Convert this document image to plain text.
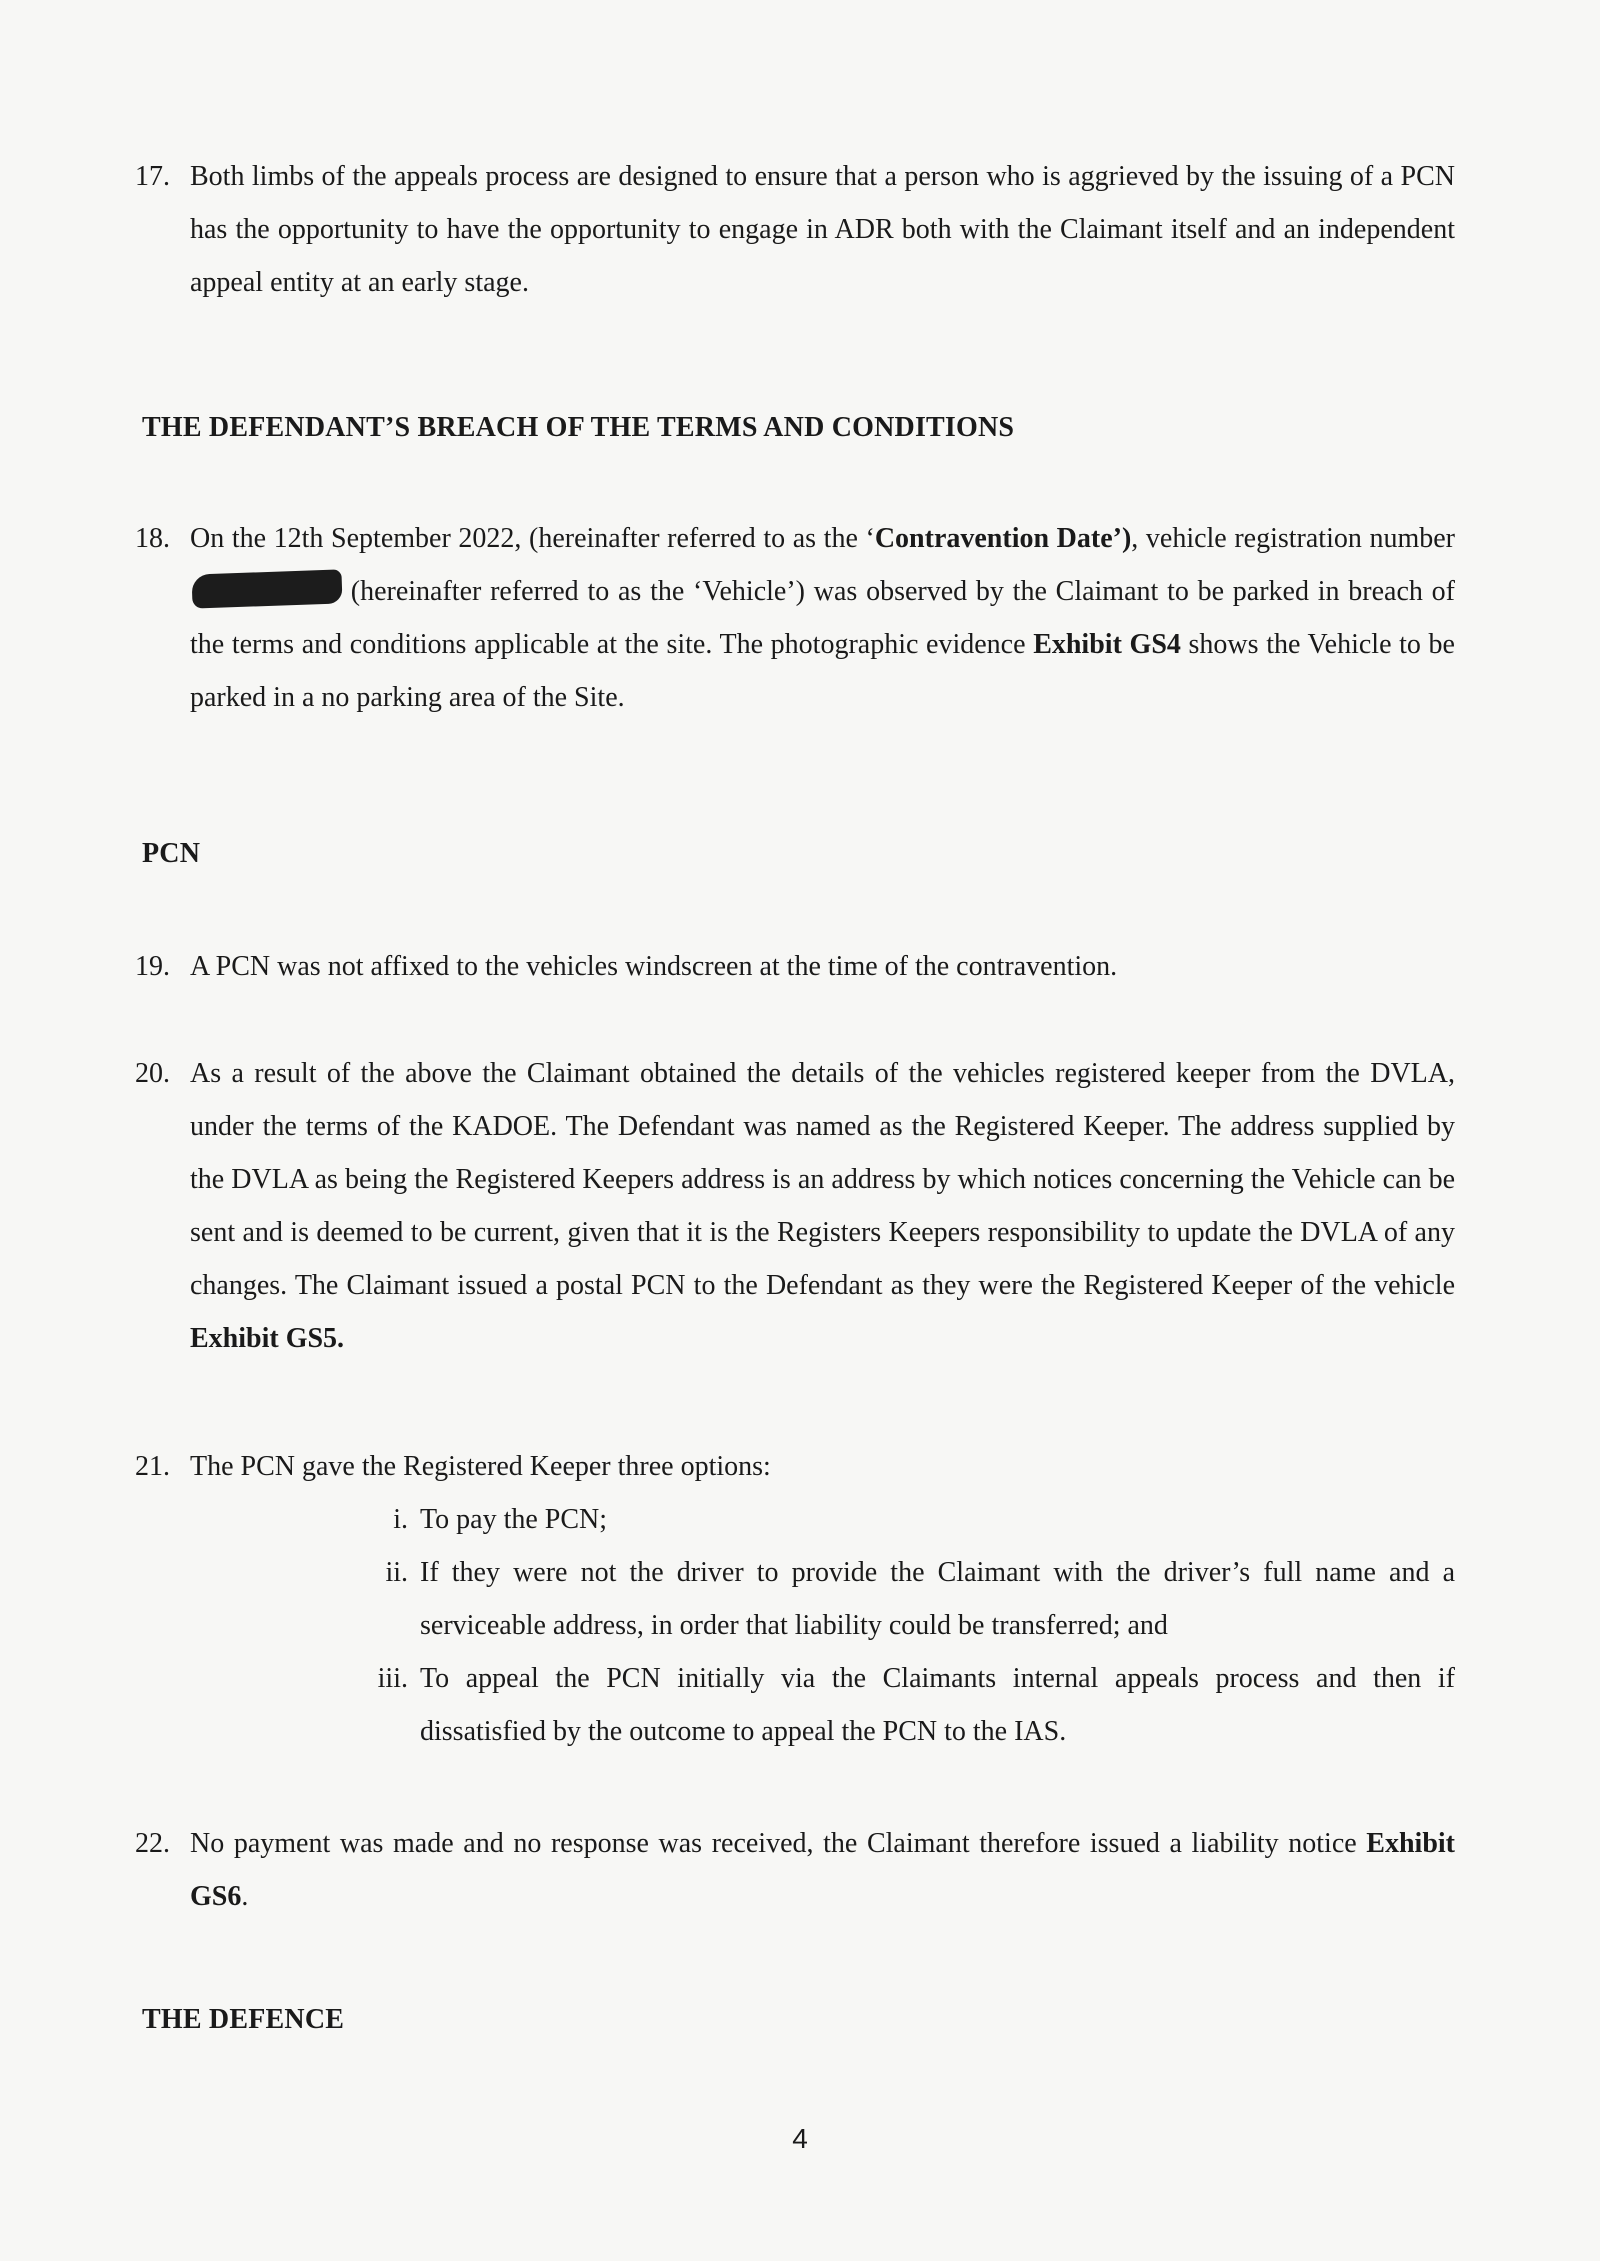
17. Both limbs of the appeals process are designed to ensure that a person who is aggrieved by the issuing of a PCN has the opportunity to have the opportunity to engage in ADR both with the Claimant itself and an independent appeal entity at an early stage.

THE DEFENDANT’S BREACH OF THE TERMS AND CONDITIONS
18. On the 12th September 2022, (hereinafter referred to as the ‘Contravention Date’), vehicle registration number (hereinafter referred to as the ‘Vehicle’) was observed by the Claimant to be parked in breach of the terms and conditions applicable at the site. The photographic evidence Exhibit GS4 shows the Vehicle to be parked in a no parking area of the Site.

PCN
19. A PCN was not affixed to the vehicles windscreen at the time of the contravention.

20. As a result of the above the Claimant obtained the details of the vehicles registered keeper from the DVLA, under the terms of the KADOE. The Defendant was named as the Registered Keeper. The address supplied by the DVLA as being the Registered Keepers address is an address by which notices concerning the Vehicle can be sent and is deemed to be current, given that it is the Registers Keepers responsibility to update the DVLA of any changes. The Claimant issued a postal PCN to the Defendant as they were the Registered Keeper of the vehicle Exhibit GS5.

21. The PCN gave the Registered Keeper three options:

i. To pay the PCN;
ii. If they were not the driver to provide the Claimant with the driver’s full name and a serviceable address, in order that liability could be transferred; and
iii. To appeal the PCN initially via the Claimants internal appeals process and then if dissatisfied by the outcome to appeal the PCN to the IAS.
22. No payment was made and no response was received, the Claimant therefore issued a liability notice Exhibit GS6.

THE DEFENCE
4
